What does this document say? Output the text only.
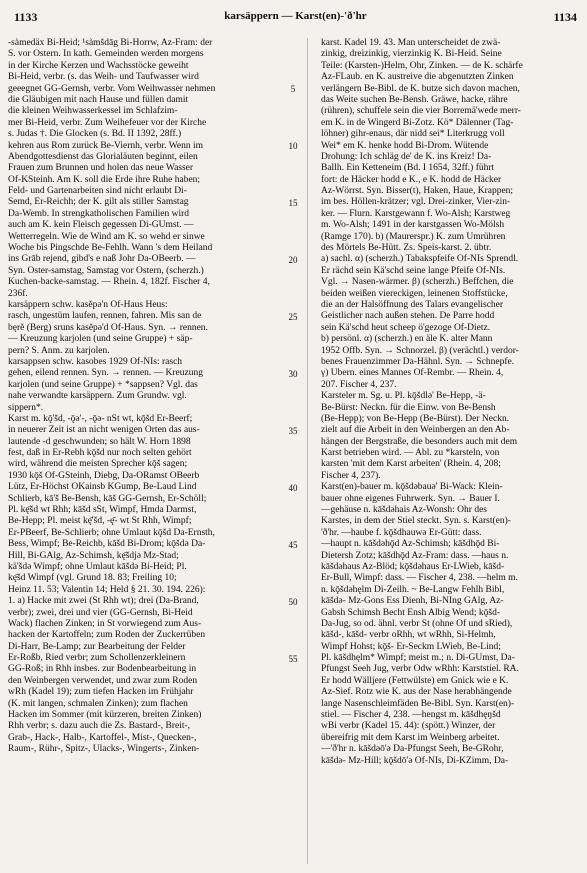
1133	karsäppern — Karst(en)-'ð'hr	1134
-sàmedäx Bi-Heid; ¹sàmšdāg Bi-Horrw, Az-Fram: der
S. vor Ostern. In kath. Gemeinden werden morgens
in der Kirche Kerzen und Wachsstöcke geweiht
Bi-Heid, verbr. (s. das Weih- und Taufwasser wird
geeegnet GG-Gernsh, verbr. Vom Weihwasser nehmen
die Gläubigen mit nach Hause und füllen damit
die kleinen Weihwasserkessel im Schlafzim-
mer Bi-Heid, verbr. Zum Weihefeuer vor der Kirche
s. Judas †. Die Glocken (s. Bd. II 1392, 28ff.)
kehren aus Rom zurück Be-Viernh, verbr. Wenn im
Abendgottesdienst das Glorialäuten beginnt, eilen
Frauen zum Brunnen und holen das neue Wasser
Of-KSteinh. Am K. soll die Erde ihre Ruhe haben;
Feld- und Gartenarbeiten sind nicht erlaubt Di-
Semd, Er-Reichh; der K. gilt als stiller Samstag
Da-Wemb. In strengkatholischen Familien wird
auch am K. kein Fleisch gegessen Di-GUmst. —
Wetterregeln. Wie de Wind am K. so wehd er sinwe
Woche bis Pingschde Be-Fehlh. Wann 's dem Heiland
ins Grāb rejend, gibd's e naß Johr Da-OBeerb. —
Syn. Oster-samstag, Samstag vor Ostern, (scherzh.)
Kuchen-backe-samstag. — Rhein. 4, 182f. Fischer 4,
236f.
karsäppern schw. kasĕpə'n Of-Haus Heus:
rasch, ungestüm laufen, rennen, fahren. Mis san de
bęrĕ (Berg) sruns kasĕpə'd Of-Haus. Syn. → rennen.
— Kreuzung karjolen (und seine Gruppe) + säp-
pern? S. Anm. zu karjolen.
karsappsen schw. kasobes 1929 Of-NIs: rasch
gehen, eilend rennen. Syn. → rennen. — Kreuzung
karjolen (und seine Gruppe) + *sappsen? Vgl. das
nahe verwandte karsäppern. Zum Grundw. vgl.
sippern*.
Karst m. kǭ'šd, -ǭə'-, -ǭə- nSt wt, kǭšd Er-Beerf;
in neuerer Zeit ist an nicht wenigen Orten das aus-
lautende -d geschwunden; so hält W. Horn 1898
fest, daß in Er-Rebh kǭšd nur noch selten gehört
wird, während die meisten Sprecher kǭš sagen;
1930 kǭš Of-GSteinh, Diebg, Da-ORamst OBeerb
Lütz, Er-Höchst OKainsb KGump, Be-Laud Lind
Schlierb, kā'š Be-Bensh, kāš GG-Gernsh, Er-Schöll;
Pl. kę̄šd wt Rhh; kāšd sSt, Wimpf, Hmda Darmst,
Be-Hepp; Pl. meist kę̄'šd, -ę̄- wt St Rhh, Wimpf;
Er-PBeerf, Be-Schlierb; ohne Umlaut kǭšd Da-Ernsth,
Bess, Wimpf; Be-Reichb, kāšd Bi-Drom; kǭšdə Da-
Hill, Bi-GAlg, Az-Schimsh, kę̄šdjə Mz-Stad;
kä'šdə Wimpf; ohne Umlaut kāšdə Bi-Heid; Pl.
kę̄šd Wimpf (vgl. Grund 18. 83; Freiling 10;
Heinz 11. 53; Valentin 14; Held § 21. 30. 194. 226):
1. a) Hacke mit zwei (St Rhh wt); drei (Da-Brand,
verbr); zwei, drei und vier (GG-Gernsh, Bi-Heid
Wack) flachen Zinken; in St vorwiegend zum Aus-
hacken der Kartoffeln; zum Roden der Zuckerrüben
Di-Harr, Be-Lamp; zur Bearbeitung der Felder
Er-Roßb, Ried verbr; zum Schollenzerkleinern
GG-Roß; in Rhh insbes. zur Bodenbearbeitung in
den Weinbergen verwendet, und zwar zum Roden
wRh (Kadel 19); zum tiefen Hacken im Frühjahr
(K. mit langen, schmalen Zinken); zum flachen
Hacken im Sommer (mit kürzeren, breiten Zinken)
Rhh verbr; s. dazu auch die Zs. Bastard-, Breit-,
Grab-, Hack-, Halb-, Kartoffel-, Mist-, Quecken-,
Raum-, Rühr-, Spitz-, Ulacks-, Wingerts-, Zinken-
5
10
15
20
25
30
35
40
45
50
55
karst. Kadel 19. 43. Man unterscheidet de zwä-
zinkig, dreizinkig, vierzinkig K. Bi-Heid. Seine
Teile: (Karsten-)Helm, Ohr, Zinken. — de K. schärfe
Az-FLaub. en K. austreive die abgenutzten Zinken
verlängern Be-Bibl. de K. butze sich davon machen,
das Weite suchen Be-Bensh. Gräwe, hacke, rähre
(rühren), schuffele sein die vier Borremä'wede merr-
em K. in de Wingerd Bi-Zotz. Kö* Dälenner (Tag-
löhner) gihr-enaus, där nidd sei* Literkrugg voll
Wei* em K. henke hodd Bi-Drom. Wütende
Drohung: Ich schläg de' de K. ins Kreiz! Da-
Ballh. Ein Ketteneim (Bd. I 1654, 32ff.) führt
fort: de Häcker hodd e K., e K. hodd de Häcker
Az-Wörrst. Syn. Bisser(t), Haken, Haue, Krappen;
im bes. Höllen-krätzer; vgl. Drei-zinker, Vier-zin-
ker. — Flurn. Karstgewann f. Wo-Alsh; Karstweg
m. Wo-Alsh; 1491 in der karstgassen Wo-Mölsh
(Ramge 170). b) (Maurerspr.) K. zum Umrühren
des Mörtels Be-Hütt. Zs. Speis-karst. 2. übtr.
a) sachl. α) (scherzh.) Tabakspfeife Of-NIs Sprendl.
Er rächd sein Kä'schd seine lange Pfeife Of-NIs.
Vgl. → Nasen-wärmer. β) (scherzh.) Beffchen, die
beiden weißen viereckigen, leinenen Stoffstücke,
die an der Halsöffnung des Talars evangelischer
Geistlicher nach außen stehen. De Parre hodd
sein Kä'schd heut scheep ö'gezoge Of-Dietz.
b) persönl. α) (scherzh.) en äle K. alter Mann
1952 Offb. Syn. → Schnorzel. β) (verächtl.) verdor-
benes Frauenzimmer Da-Hähnl. Syn. → Schnepfe.
γ) Übern. eines Mannes Of-Rembr. — Rhein. 4,
207. Fischer 4, 237.
Karsteler m. Sg. u. Pl. kǭšdlə' Be-Hepp, -ä-
Be-Bürst: Neckn. für die Einw. von Be-Bensh
(Be-Hepp); von Be-Hepp (Be-Bürst). Der Neckn.
zielt auf die Arbeit in den Weinbergen an den Ab-
hängen der Bergstraße, die besonders auch mit dem
Karst betrieben wird. — Abl. zu *karsteln, von
karsten 'mit dem Karst arbeiten' (Rhein. 4, 208;
Fischer 4, 237).
Karst(en)-bauer m. kǭšdəbauə' Bi-Wack: Klein-
bauer ohne eigenes Fuhrwerk. Syn. → Bauer I.
—gehäuse n. kāšdəhais Az-Wonsh: Ohr des
Karstes, in dem der Stiel steckt. Syn. s. Karst(en)-
'ð'hr. —haube f. kǭšdhauwə Er-Gütt: dass.
—haupt n. kāšdəhǭd Az-Schimsh; kāšdhǭd Bi-
Dietersh Zotz; kāšdhǭd Az-Fram: dass. —haus n.
kāšdəhaus Az-Blöd; kǭšdəhaus Er-LWieb, kāšd-
Er-Bull, Wimpf: dass. — Fischer 4, 238. —helm m.
n. kǭšdəhęlm Di-Zeilh. ~ Be-Langw Fehlh Bibl,
kāšdə- Mz-Gons Ess Dienh, Bi-NIng GAlg, Az-
Gabsh Schimsh Becht Ensh Albig Wend; kǭšd-
Da-Jug, so od. ähnl. verbr St (ohne Of und sRied),
kāšd-, kāšd- verbr oRhh, wt wRhh, Si-Helmh,
Wimpf Hohst; kǭš- Er-Seckm LWieb, Be-Lind;
Pl. kāšdhęlm* Wimpf; meist m.; n. Di-GUmst, Da-
Pfungst Seeh Jug, verbr Odw wRhh: Karststiel. RA.
Er hodd Wälljere (Fettwülste) em Gnick wie e K.
Az-Sief. Rotz wie K. aus der Nase herabhängende
lange Nasenschleimfäden Be-Bibl. Syn. Karst(en)-
stiel. — Fischer 4, 238. —hengst m. kāšdhęŋšd
wBi verbr (Kadel 15. 44): (spött.) Winzer, der
übereifrig mit dem Karst im Weinberg arbeitet.
—'ð'hr n. kāšdəō'ə Da-Pfungst Seeh, Be-GRohr,
kāšdə- Mz-Hill; kǭšdō'ə Of-NIs, Di-KZimm, Da-
